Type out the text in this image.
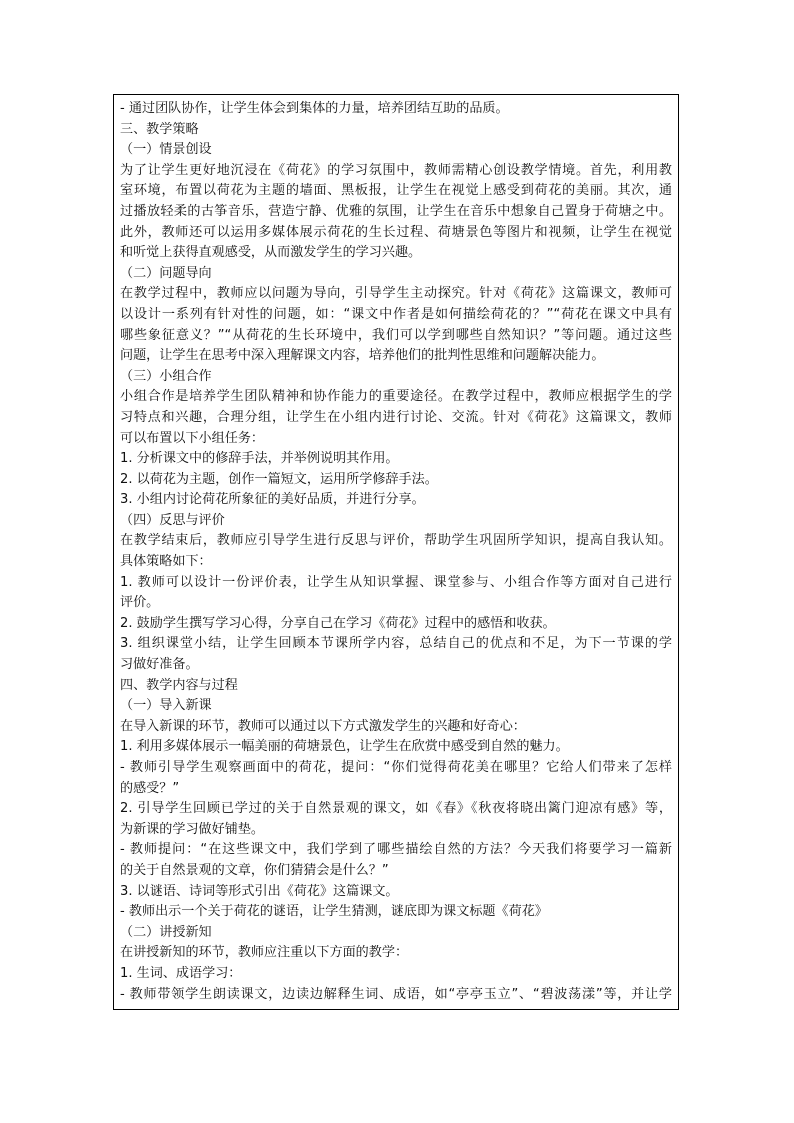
- 通过团队协作，让学生体会到集体的力量，培养团结互助的品质。
三、教学策略
（一）情景创设
为了让学生更好地沉浸在《荷花》的学习氛围中，教师需精心创设教学情境。首先，利用教
室环境，布置以荷花为主题的墙面、黑板报，让学生在视觉上感受到荷花的美丽。其次，通
过播放轻柔的古筝音乐，营造宁静、优雅的氛围，让学生在音乐中想象自己置身于荷塘之中。
此外，教师还可以运用多媒体展示荷花的生长过程、荷塘景色等图片和视频，让学生在视觉
和听觉上获得直观感受，从而激发学生的学习兴趣。
（二）问题导向
在教学过程中，教师应以问题为导向，引导学生主动探究。针对《荷花》这篇课文，教师可
以设计一系列有针对性的问题，如：“课文中作者是如何描绘荷花的？”“荷花在课文中具有
哪些象征意义？”“从荷花的生长环境中，我们可以学到哪些自然知识？”等问题。通过这些
问题，让学生在思考中深入理解课文内容，培养他们的批判性思维和问题解决能力。
（三）小组合作
小组合作是培养学生团队精神和协作能力的重要途径。在教学过程中，教师应根据学生的学
习特点和兴趣，合理分组，让学生在小组内进行讨论、交流。针对《荷花》这篇课文，教师
可以布置以下小组任务：
1. 分析课文中的修辞手法，并举例说明其作用。
2. 以荷花为主题，创作一篇短文，运用所学修辞手法。
3. 小组内讨论荷花所象征的美好品质，并进行分享。
（四）反思与评价
在教学结束后，教师应引导学生进行反思与评价，帮助学生巩固所学知识，提高自我认知。
具体策略如下：
1. 教师可以设计一份评价表，让学生从知识掌握、课堂参与、小组合作等方面对自己进行
评价。
2. 鼓励学生撰写学习心得，分享自己在学习《荷花》过程中的感悟和收获。
3. 组织课堂小结，让学生回顾本节课所学内容，总结自己的优点和不足，为下一节课的学
习做好准备。
四、教学内容与过程
（一）导入新课
在导入新课的环节，教师可以通过以下方式激发学生的兴趣和好奇心：
1. 利用多媒体展示一幅美丽的荷塘景色，让学生在欣赏中感受到自然的魅力。
- 教师引导学生观察画面中的荷花，提问：“你们觉得荷花美在哪里？它给人们带来了怎样
的感受？”
2. 引导学生回顾已学过的关于自然景观的课文，如《春》《秋夜将晓出篱门迎凉有感》等，
为新课的学习做好铺垫。
- 教师提问：“在这些课文中，我们学到了哪些描绘自然的方法？今天我们将要学习一篇新
的关于自然景观的文章，你们猜猜会是什么？”
3. 以谜语、诗词等形式引出《荷花》这篇课文。
- 教师出示一个关于荷花的谜语，让学生猜测，谜底即为课文标题《荷花》
（二）讲授新知
在讲授新知的环节，教师应注重以下方面的教学：
1. 生词、成语学习：
- 教师带领学生朗读课文，边读边解释生词、成语，如“亭亭玉立”、“碧波荡漾”等，并让学
